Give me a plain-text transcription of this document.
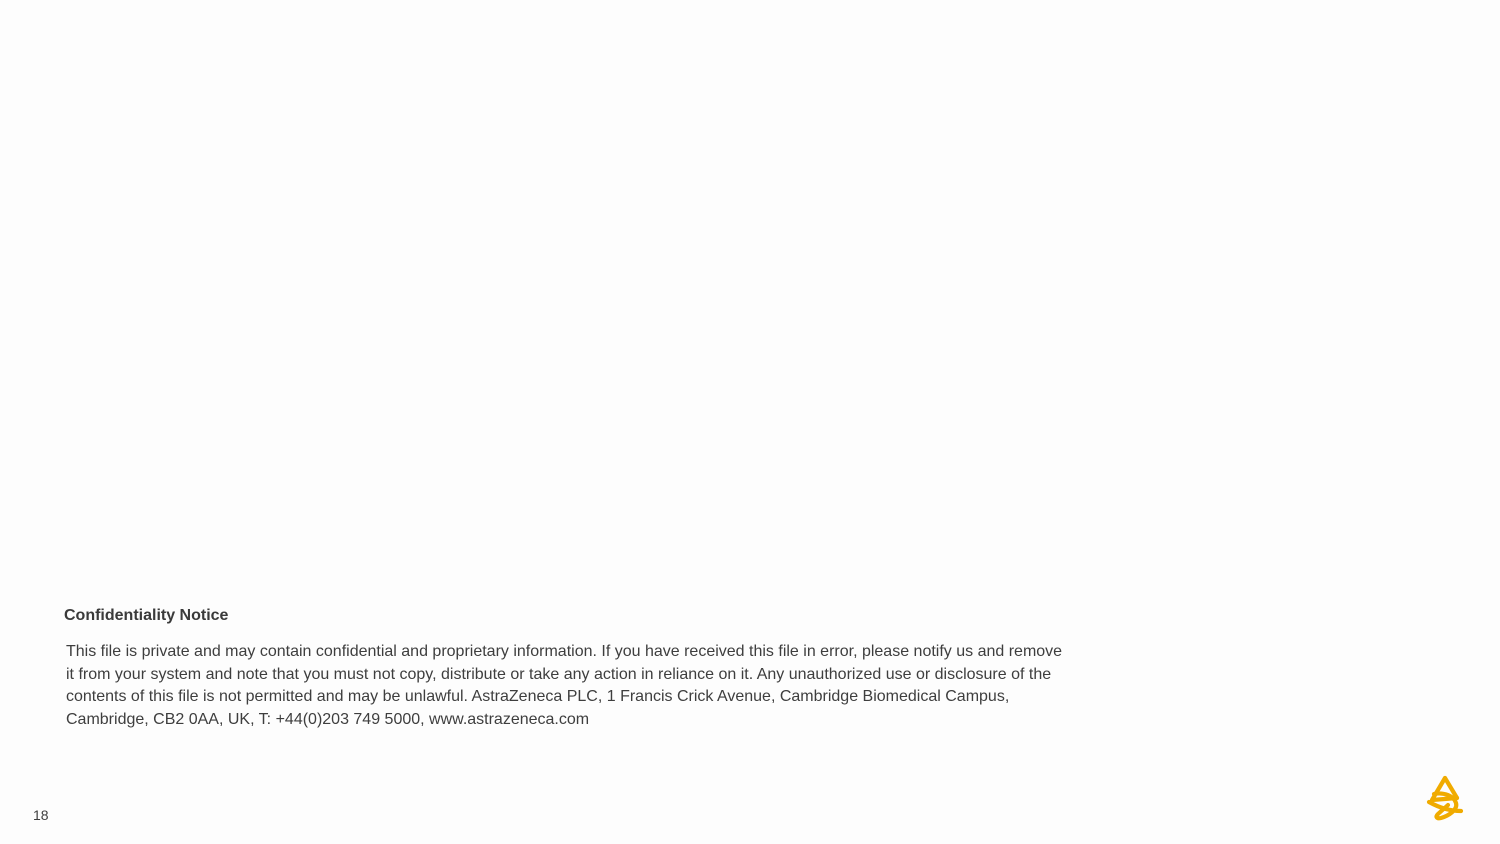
Confidentiality Notice
This file is private and may contain confidential and proprietary information. If you have received this file in error, please notify us and remove
it from your system and note that you must not copy, distribute or take any action in reliance on it. Any unauthorized use or disclosure of the
contents of this file is not permitted and may be unlawful. AstraZeneca PLC, 1 Francis Crick Avenue, Cambridge Biomedical Campus,
Cambridge, CB2 0AA, UK, T: +44(0)203 749 5000, www.astrazeneca.com
18
